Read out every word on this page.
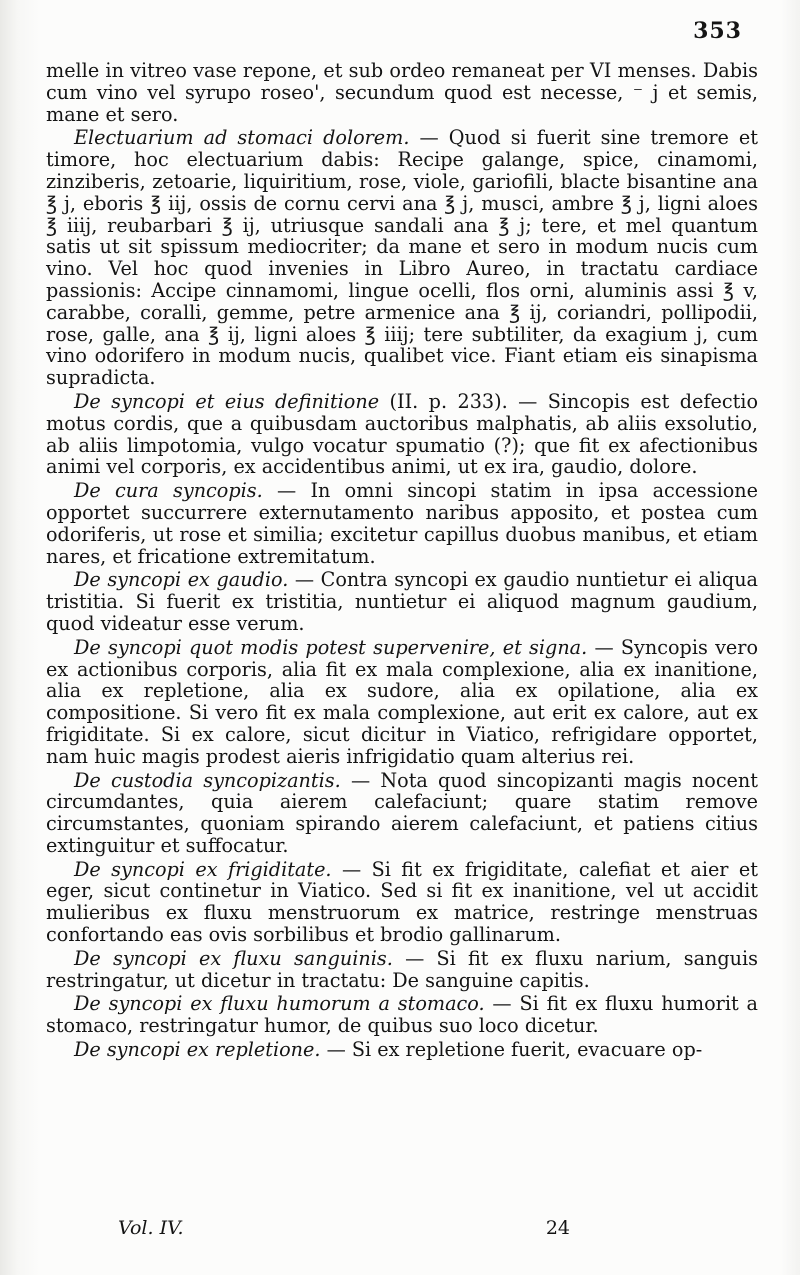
353

melle in vitreo vase repone, et sub ordeo remaneat per VI menses. Dabis cum vino vel syrupo roseo', secundum quod est necesse, ⁻ j et semis, mane et sero.

Electuarium ad stomaci dolorem. — Quod si fuerit sine tremore et timore, hoc electuarium dabis: Recipe galange, spice, cinamomi, zinziberis, zetoarie, liquiritium, rose, viole, gariofili, blacte bisantine ana ℥ j, eboris ℥ iij, ossis de cornu cervi ana ℥ j, musci, ambre ℥ j, ligni aloes ℥ iiij, reubarbari ℥ ij, utriusque sandali ana ℥ j; tere, et mel quantum satis ut sit spissum mediocriter; da mane et sero in modum nucis cum vino. Vel hoc quod invenies in Libro Aureo, in tractatu cardiace passionis: Accipe cinnamomi, lingue ocelli, flos orni, aluminis assi ℥ v, carabbe, coralli, gemme, petre armenice ana ℥ ij, coriandri, pollipodii, rose, galle, ana ℥ ij, ligni aloes ℥ iiij; tere subtiliter, da exagium j, cum vino odorifero in modum nucis, qualibet vice. Fiant etiam eis sinapisma supradicta.

De syncopi et eius definitione (II. p. 233). — Sincopis est defectio motus cordis, que a quibusdam auctoribus malphatis, ab aliis exsolutio, ab aliis limpotomia, vulgo vocatur spumatio (?); que fit ex afectionibus animi vel corporis, ex accidentibus animi, ut ex ira, gaudio, dolore.

De cura syncopis. — In omni sincopi statim in ipsa accessione opportet succurrere externutamento naribus apposito, et postea cum odoriferis, ut rose et similia; excitetur capillus duobus manibus, et etiam nares, et fricatione extremitatum.

De syncopi ex gaudio. — Contra syncopi ex gaudio nuntietur ei aliqua tristitia. Si fuerit ex tristitia, nuntietur ei aliquod magnum gaudium, quod videatur esse verum.

De syncopi quot modis potest supervenire, et signa. — Syncopis vero ex actionibus corporis, alia fit ex mala complexione, alia ex inanitione, alia ex repletione, alia ex sudore, alia ex opilatione, alia ex compositione. Si vero fit ex mala complexione, aut erit ex calore, aut ex frigiditate. Si ex calore, sicut dicitur in Viatico, refrigidare opportet, nam huic magis prodest aieris infrigidatio quam alterius rei.

De custodia syncopizantis. — Nota quod sincopizanti magis nocent circumdantes, quia aierem calefaciunt; quare statim remove circumstantes, quoniam spirando aierem calefaciunt, et patiens citius extinguitur et suffocatur.

De syncopi ex frigiditate. — Si fit ex frigiditate, calefiat et aier et eger, sicut continetur in Viatico. Sed si fit ex inanitione, vel ut accidit mulieribus ex fluxu menstruorum ex matrice, restringe menstruas confortando eas ovis sorbilibus et brodio gallinarum.

De syncopi ex fluxu sanguinis. — Si fit ex fluxu narium, sanguis restringatur, ut dicetur in tractatu: De sanguine capitis.

De syncopi ex fluxu humorum a stomaco. — Si fit ex fluxu humorit a stomaco, restringatur humor, de quibus suo loco dicetur.

De syncopi ex repletione. — Si ex repletione fuerit, evacuare op-

Vol. IV.	24
